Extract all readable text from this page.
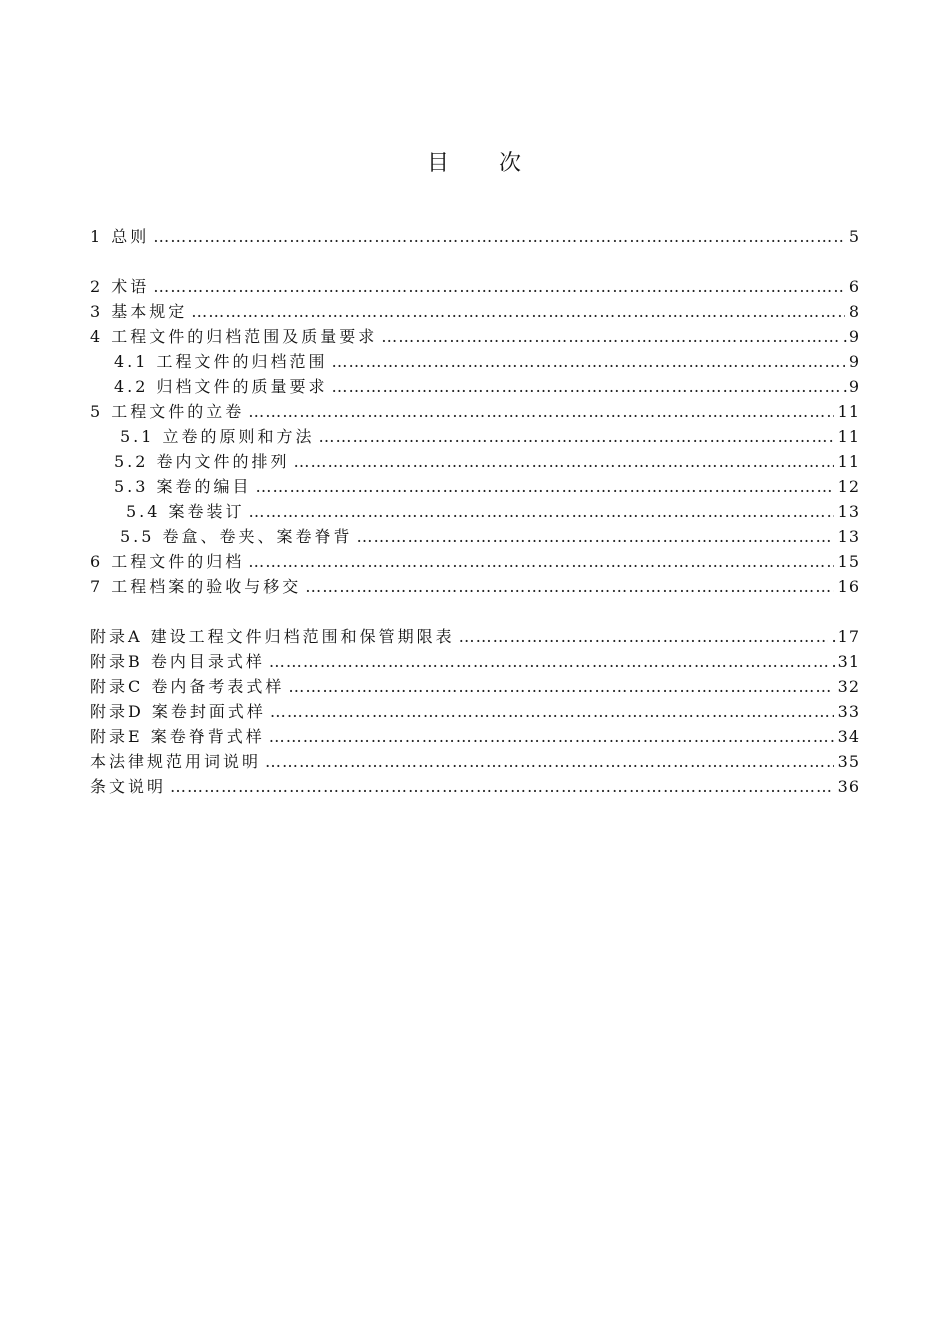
目　　次
1 总则 …………………………………………………………………………………………………………………………………………………………………………………………	5
2 术语 …………………………………………………………………………………………………………………………………………………………………………………………	6
3 基本规定 …………………………………………………………………………………………………………………………………………………………………………………………	8
4 工程文件的归档范围及质量要求 …………………………………………………………………………………………………………………………………………………………………………………………	.9
4.1 工程文件的归档范围 …………………………………………………………………………………………………………………………………………………………………………………………	9
4.2 归档文件的质量要求 …………………………………………………………………………………………………………………………………………………………………………………………	.9
5 工程文件的立卷 …………………………………………………………………………………………………………………………………………………………………………………………	11
5.1 立卷的原则和方法 …………………………………………………………………………………………………………………………………………………………………………………………	11
5.2 卷内文件的排列 …………………………………………………………………………………………………………………………………………………………………………………………	11
5.3 案卷的编目 …………………………………………………………………………………………………………………………………………………………………………………………	12
5.4 案卷装订 …………………………………………………………………………………………………………………………………………………………………………………………	13
5.5 卷盒、卷夹、案卷脊背 …………………………………………………………………………………………………………………………………………………………………………………………	13
6 工程文件的归档 …………………………………………………………………………………………………………………………………………………………………………………………	15
7 工程档案的验收与移交 …………………………………………………………………………………………………………………………………………………………………………………………	16
附录A 建设工程文件归档范围和保管期限表 …………………………………………………………………………………………………………………………………………………………………………………………	.17
附录B 卷内目录式样 …………………………………………………………………………………………………………………………………………………………………………………………	.31
附录C 卷内备考表式样 …………………………………………………………………………………………………………………………………………………………………………………………	32
附录D 案卷封面式样 …………………………………………………………………………………………………………………………………………………………………………………………	33
附录E 案卷脊背式样 …………………………………………………………………………………………………………………………………………………………………………………………	34
本法律规范用词说明 …………………………………………………………………………………………………………………………………………………………………………………………	35
条文说明 …………………………………………………………………………………………………………………………………………………………………………………………	36
